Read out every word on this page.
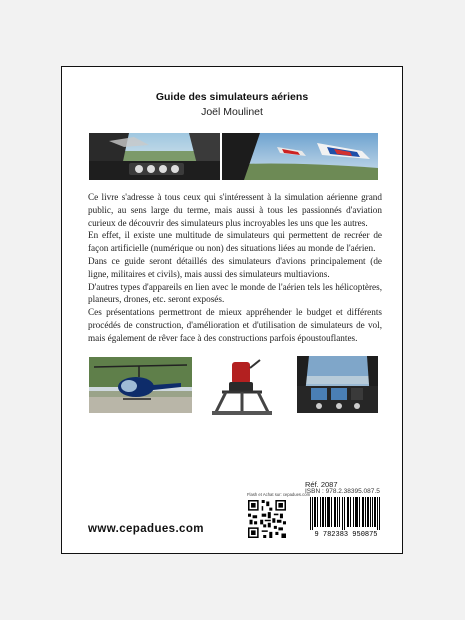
Guide des simulateurs aériens
Joël Moulinet

Ce livre s'adresse à tous ceux qui s'intéressent à la simulation aérienne grand public, au sens large du terme, mais aussi à tous les passionnés d'aviation curieux de découvrir des simulateurs plus incroyables les uns que les autres.

En effet, il existe une multitude de simulateurs qui permettent de recréer de façon artificielle (numérique ou non) des situations liées au monde de l'aérien.

Dans ce guide seront détaillés des simulateurs d'avions principalement (de ligne, militaires et civils), mais aussi des simulateurs multiavions.

D'autres types d'appareils en lien avec le monde de l'aérien tels les hélicoptères, planeurs, drones, etc. seront exposés.

Ces présentations permettront de mieux appréhender le budget et différents procédés de construction, d'amélioration et d'utilisation de simulateurs de vol, mais également de rêver face à des constructions parfois époustouflantes.

Flash et Achat sur: cepadues.com
Réf. 2087
ISBN : 978.2.38395.087.5
9 782383 950875
www.cepadues.com
